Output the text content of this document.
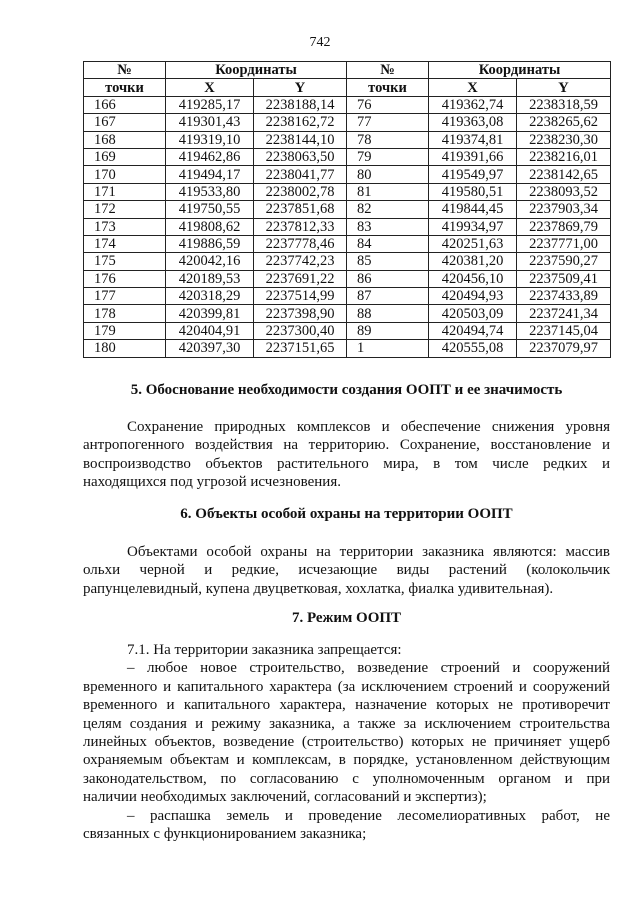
742
№	Координаты		№	Координаты	
точки	X	Y	точки	X	Y
166	419285,17	2238188,14	76	419362,74	2238318,59
167	419301,43	2238162,72	77	419363,08	2238265,62
168	419319,10	2238144,10	78	419374,81	2238230,30
169	419462,86	2238063,50	79	419391,66	2238216,01
170	419494,17	2238041,77	80	419549,97	2238142,65
171	419533,80	2238002,78	81	419580,51	2238093,52
172	419750,55	2237851,68	82	419844,45	2237903,34
173	419808,62	2237812,33	83	419934,97	2237869,79
174	419886,59	2237778,46	84	420251,63	2237771,00
175	420042,16	2237742,23	85	420381,20	2237590,27
176	420189,53	2237691,22	86	420456,10	2237509,41
177	420318,29	2237514,99	87	420494,93	2237433,89
178	420399,81	2237398,90	88	420503,09	2237241,34
179	420404,91	2237300,40	89	420494,74	2237145,04
180	420397,30	2237151,65	1	420555,08	2237079,97
5. Обоснование необходимости создания ООПТ и ее значимость

Сохранение природных комплексов и обеспечение снижения уровня

антропогенного воздействия на территорию. Сохранение, восстановление и

воспроизводство объектов растительного мира, в том числе редких и

находящихся под угрозой исчезновения.

6. Объекты особой охраны на территории ООПТ

Объектами особой охраны на территории заказника являются: массив

ольхи черной и редкие, исчезающие виды растений (колокольчик

рапунцелевидный, купена двуцветковая, хохлатка, фиалка удивительная).

7. Режим ООПТ

7.1. На территории заказника запрещается:

– любое новое строительство, возведение строений и сооружений

временного и капитального характера (за исключением строений и сооружений

временного и капитального характера, назначение которых не противоречит

целям создания и режиму заказника, а также за исключением строительства

линейных объектов, возведение (строительство) которых не причиняет ущерб

охраняемым объектам и комплексам, в порядке, установленном действующим

законодательством, по согласованию с уполномоченным органом и при

наличии необходимых заключений, согласований и экспертиз);

– распашка земель и проведение лесомелиоративных работ, не

связанных с функционированием заказника;
